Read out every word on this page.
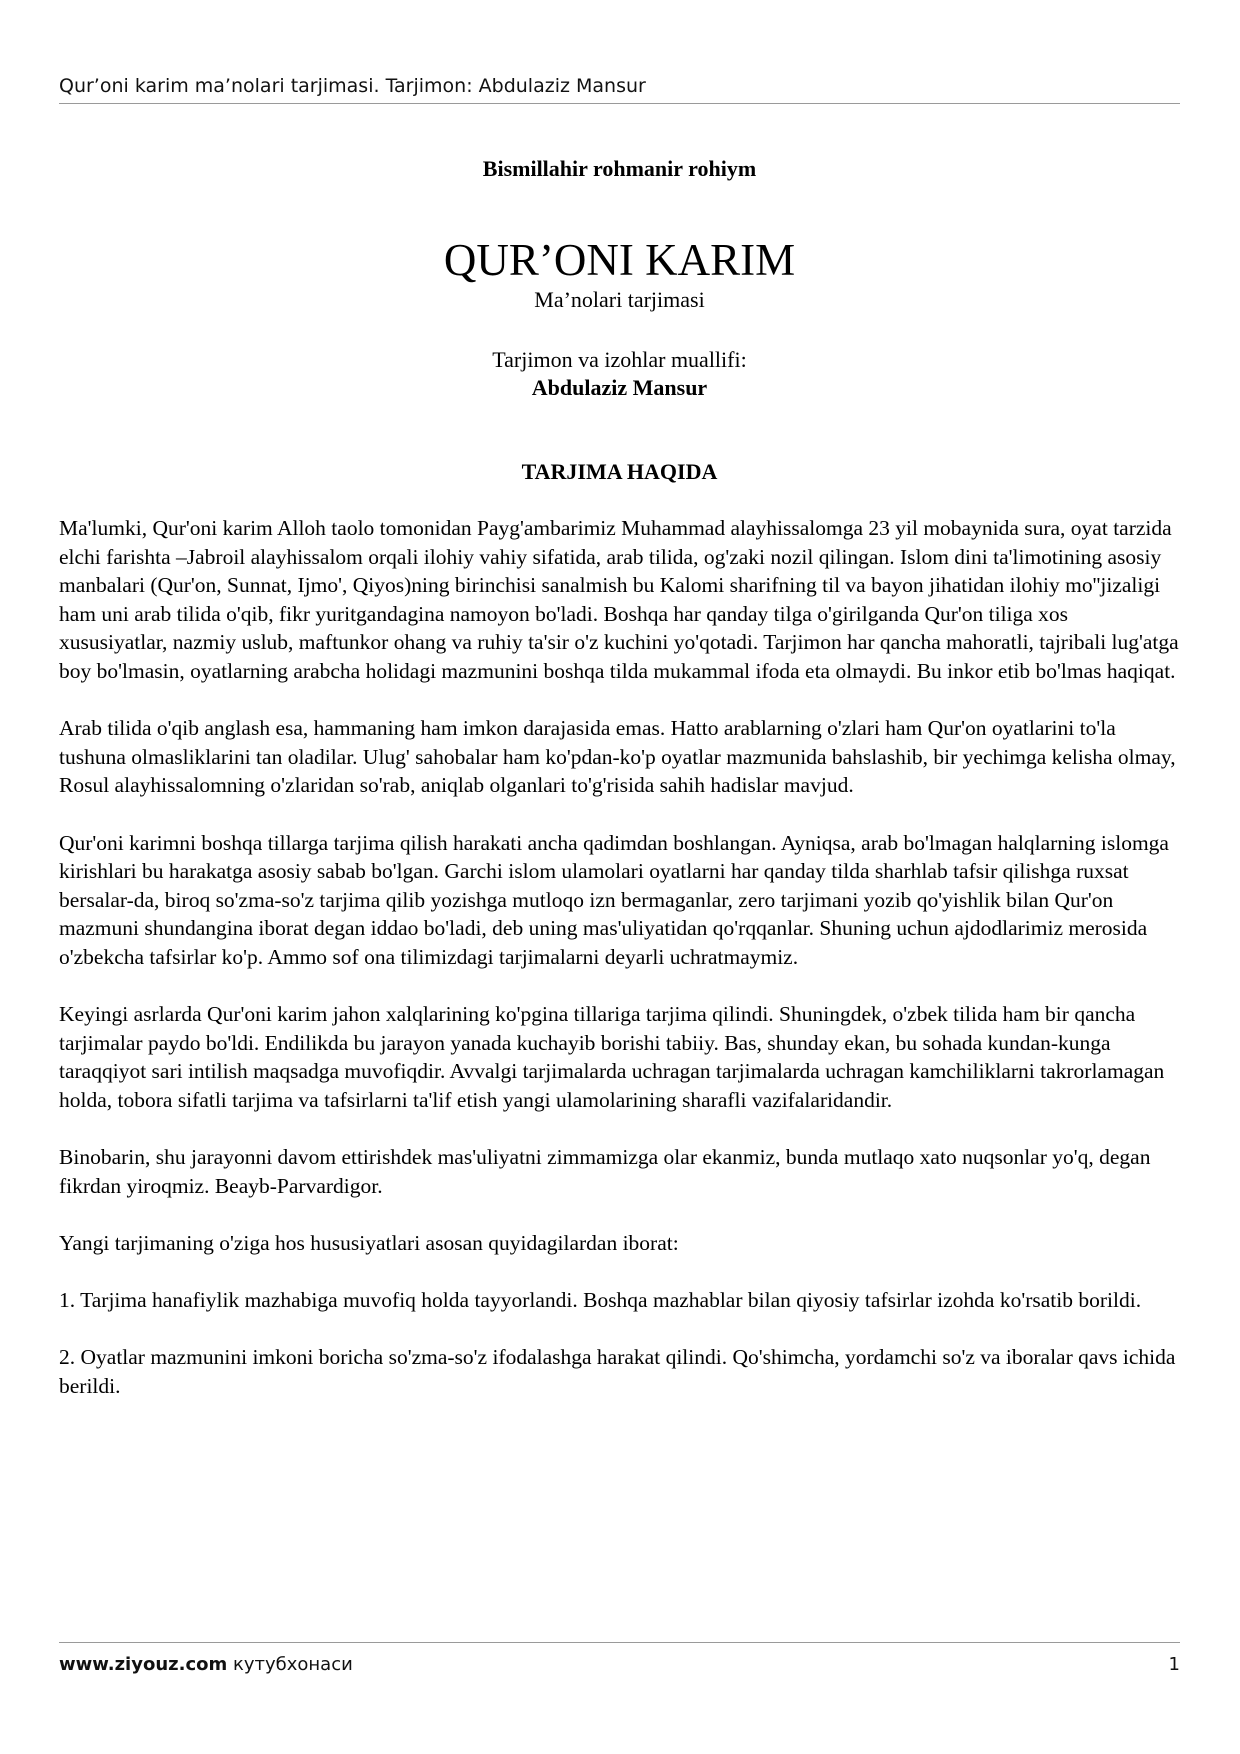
Qur’oni karim ma’nolari tarjimasi. Tarjimon: Abdulaziz Mansur
Bismillahir rohmanir rohiym
QUR’ONI KARIM
Ma’nolari tarjimasi
Tarjimon va izohlar muallifi:
Abdulaziz Mansur
TARJIMA HAQIDA

Ma'lumki, Qur'oni karim Alloh taolo tomonidan Payg'ambarimiz Muhammad alayhissalomga 23 yil mobaynida sura, oyat tarzida elchi farishta –Jabroil alayhissalom orqali ilohiy vahiy sifatida, arab tilida, og'zaki nozil qilingan. Islom dini ta'limotining asosiy manbalari (Qur'on, Sunnat, Ijmo', Qiyos)ning birinchisi sanalmish bu Kalomi sharifning til va bayon jihatidan ilohiy mo''jizaligi ham uni arab tilida o'qib, fikr yuritgandagina namoyon bo'ladi. Boshqa har qanday tilga o'girilganda Qur'on tiliga xos xususiyatlar, nazmiy uslub, maftunkor ohang va ruhiy ta'sir o'z kuchini yo'qotadi. Tarjimon har qancha mahoratli, tajribali lug'atga boy bo'lmasin, oyatlarning arabcha holidagi mazmunini boshqa tilda mukammal ifoda eta olmaydi. Bu inkor etib bo'lmas haqiqat.

Arab tilida o'qib anglash esa, hammaning ham imkon darajasida emas. Hatto arablarning o'zlari ham Qur'on oyatlarini to'la tushuna olmasliklarini tan oladilar. Ulug' sahobalar ham ko'pdan-ko'p oyatlar mazmunida bahslashib, bir yechimga kelisha olmay, Rosul alayhissalomning o'zlaridan so'rab, aniqlab olganlari to'g'risida sahih hadislar mavjud.

Qur'oni karimni boshqa tillarga tarjima qilish harakati ancha qadimdan boshlangan. Ayniqsa, arab bo'lmagan halqlarning islomga kirishlari bu harakatga asosiy sabab bo'lgan. Garchi islom ulamolari oyatlarni har qanday tilda sharhlab tafsir qilishga ruxsat bersalar-da, biroq so'zma-so'z tarjima qilib yozishga mutloqo izn bermaganlar, zero tarjimani yozib qo'yishlik bilan Qur'on mazmuni shundangina iborat degan iddao bo'ladi, deb uning mas'uliyatidan qo'rqqanlar. Shuning uchun ajdodlarimiz merosida o'zbekcha tafsirlar ko'p. Ammo sof ona tilimizdagi tarjimalarni deyarli uchratmaymiz.

Keyingi asrlarda Qur'oni karim jahon xalqlarining ko'pgina tillariga tarjima qilindi. Shuningdek, o'zbek tilida ham bir qancha tarjimalar paydo bo'ldi. Endilikda bu jarayon yanada kuchayib borishi tabiiy. Bas, shunday ekan, bu sohada kundan-kunga taraqqiyot sari intilish maqsadga muvofiqdir. Avvalgi tarjimalarda uchragan tarjimalarda uchragan kamchiliklarni takrorlamagan holda, tobora sifatli tarjima va tafsirlarni ta'lif etish yangi ulamolarining sharafli vazifalaridandir.

Binobarin, shu jarayonni davom ettirishdek mas'uliyatni zimmamizga olar ekanmiz, bunda mutlaqo xato nuqsonlar yo'q, degan fikrdan yiroqmiz. Beayb-Parvardigor.

Yangi tarjimaning o'ziga hos hususiyatlari asosan quyidagilardan iborat:

1. Tarjima hanafiylik mazhabiga muvofiq holda tayyorlandi. Boshqa mazhablar bilan qiyosiy tafsirlar izohda ko'rsatib borildi.

2. Oyatlar mazmunini imkoni boricha so'zma-so'z ifodalashga harakat qilindi. Qo'shimcha, yordamchi so'z va iboralar qavs ichida berildi.

www.ziyouz.com кутубхонаси	1
